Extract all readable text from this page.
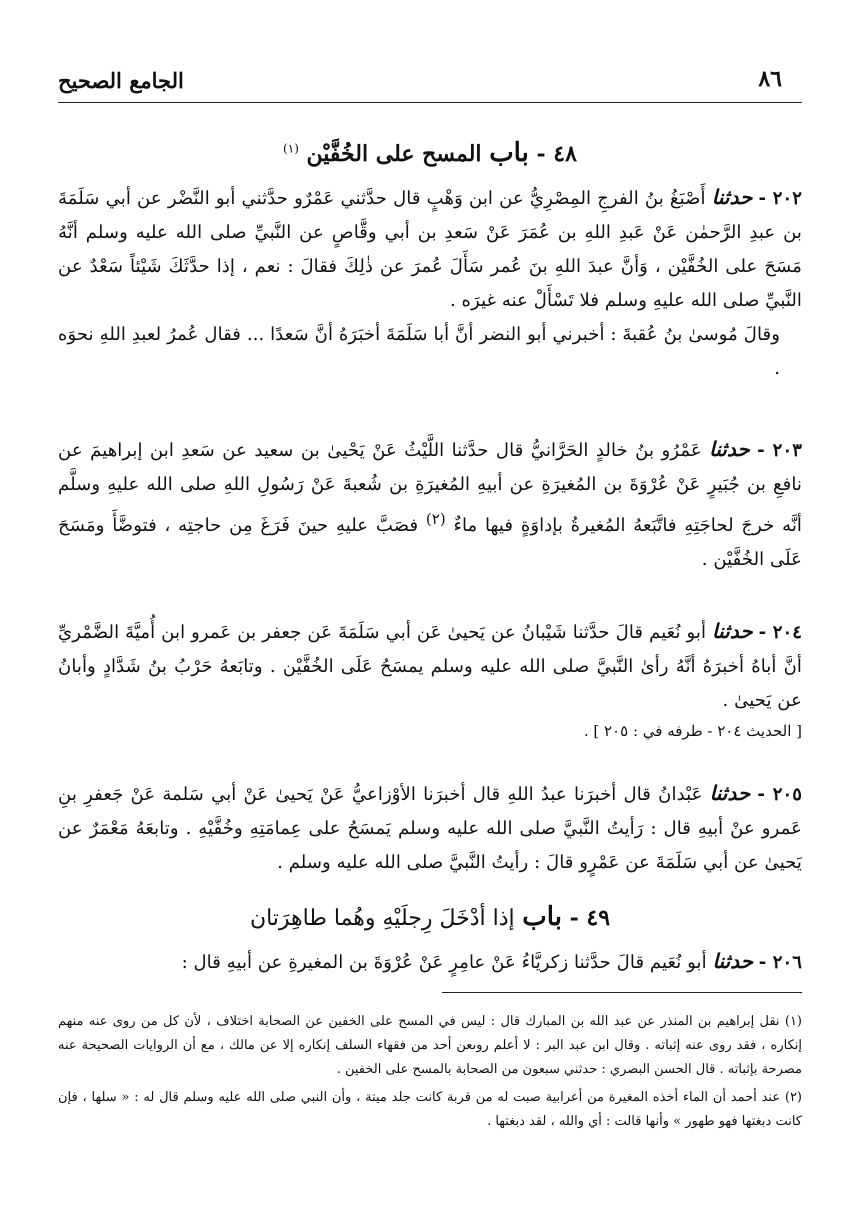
الجامع الصحيح	٨٦
٤٨ - باب المسح على الخُفَّيْن $^{(١)}$

٢٠٢ - حدثنا أَصْبَغُ بنُ الفرجِ المِصْرِيُّ عن ابن وَهْبٍ قال حدَّثني عَمْرٌو حدَّثني أبو النَّضْر عن أبي سَلَمَةَ بن عبدِ الرَّحمٰن عَنْ عَبدِ اللهِ بن عُمَرَ عَنْ سَعدِ بن أبي وقَّاصٍ عن النَّبيِّ صلى الله عليه وسلم أنَّهُ مَسَحَ على الخُفَّيْن ، وَأنَّ عبدَ اللهِ بنَ عُمر سَأَلَ عُمرَ عن ذٰلِكَ فقالَ : نعم ، إذا حدَّثَكَ شَيْئاً سَعْدٌ عن النَّبيِّ صلى الله عليهِ وسلم فلا تَسْأَلْ عنه غيرَه .

وقالَ مُوسىٰ بنُ عُقبةَ : أخبرني أبو النضر أنَّ أبا سَلَمَةَ أخبَرَهُ أنَّ سَعدًا ... فقال عُمرُ لعبدِ اللهِ نحوَه .

٢٠٣ - حدثنا عَمْرُو بنُ خالدٍ الحَرَّانيُّ قال حدَّثنا اللَّيْثُ عَنْ يَحْيىٰ بن سعيد عن سَعدِ ابن إبراهيمَ عن نافعِ بن جُبَيرٍ عَنْ عُرْوَةَ بن المُغيرَةِ عن أبيهِ المُغيرَةِ بن شُعبةَ عَنْ رَسُولِ اللهِ صلى الله عليهِ وسلَّم أنَّه خرجَ لحاجَتِهِ فاتَّبَعهُ المُغيرةُ بإداوَةٍ فيها ماءٌ $^{(٢)}$ فصَبَّ عليهِ حينَ فَرَغَ مِن حاجتِه ، فتوضَّأَ ومَسَحَ عَلَى الخُفَّيْن .

٢٠٤ - حدثنا أبو نُعَيم قالَ حدَّثنا شَيْبانُ عن يَحيىٰ عَن أبي سَلَمَةَ عَن جعفر بن عَمرو ابن أُميَّةَ الضَّمْريِّ أنَّ أباهُ أخبرَهُ أنَّهُ رأىٰ النَّبيَّ صلى الله عليه وسلم يمسَحُ عَلَى الخُفَّيْن . وتابَعهُ حَرْبُ بنُ شَدَّادٍ وأبانُ عن يَحيىٰ .

[ الحديث ٢٠٤ - طرفه في : ٢٠٥ ] .

٢٠٥ - حدثنا عَبْدانُ قال أخبرَنا عبدُ اللهِ قال أخبرَنا الأوْزاعيُّ عَنْ يَحيىٰ عَنْ أبي سَلمة عَنْ جَعفرِ بنِ عَمرو عنْ أبيهِ قال : رَأيتُ النَّبيَّ صلى الله عليه وسلم يَمسَحُ على عِمامَتِهِ وخُفَّيْهِ . وتابعَهُ مَعْمَرٌ عن يَحيىٰ عن أبي سَلَمَةَ عن عَمْرٍو قالَ : رأيتُ النَّبيَّ صلى الله عليه وسلم .

٤٩ - باب إذا أدْخَلَ رِجلَيْهِ وهُما طاهِرَتان

٢٠٦ - حدثنا أبو نُعَيم قالَ حدَّثنا زكريَّاءُ عَنْ عامِرٍ عَنْ عُرْوَةَ بن المغيرةِ عن أبيهِ قال :

(١) نقل إبراهيم بن المنذر عن عبد الله بن المبارك قال : ليس في المسح على الخفين عن الصحابة اختلاف ، لأن كل من روى عنه منهم إنكاره ، فقد روى عنه إثباته . وقال ابن عبد البر : لا أعلم روىعن أحد من فقهاء السلف إنكاره إلا عن مالك ، مع أن الروايات الصحيحة عنه مصرحة بإثباته . قال الحسن البصري : حدثني سبعون من الصحابة بالمسح على الخفين .

(٢) عند أحمد أن الماء أخذه المغيرة من أعرابية صبت له من قربة كانت جلد ميتة ، وأن النبي صلى الله عليه وسلم قال له : « سلها ، فإن كانت دبغتها فهو طهور » وأنها قالت : أي والله ، لقد دبغتها .
